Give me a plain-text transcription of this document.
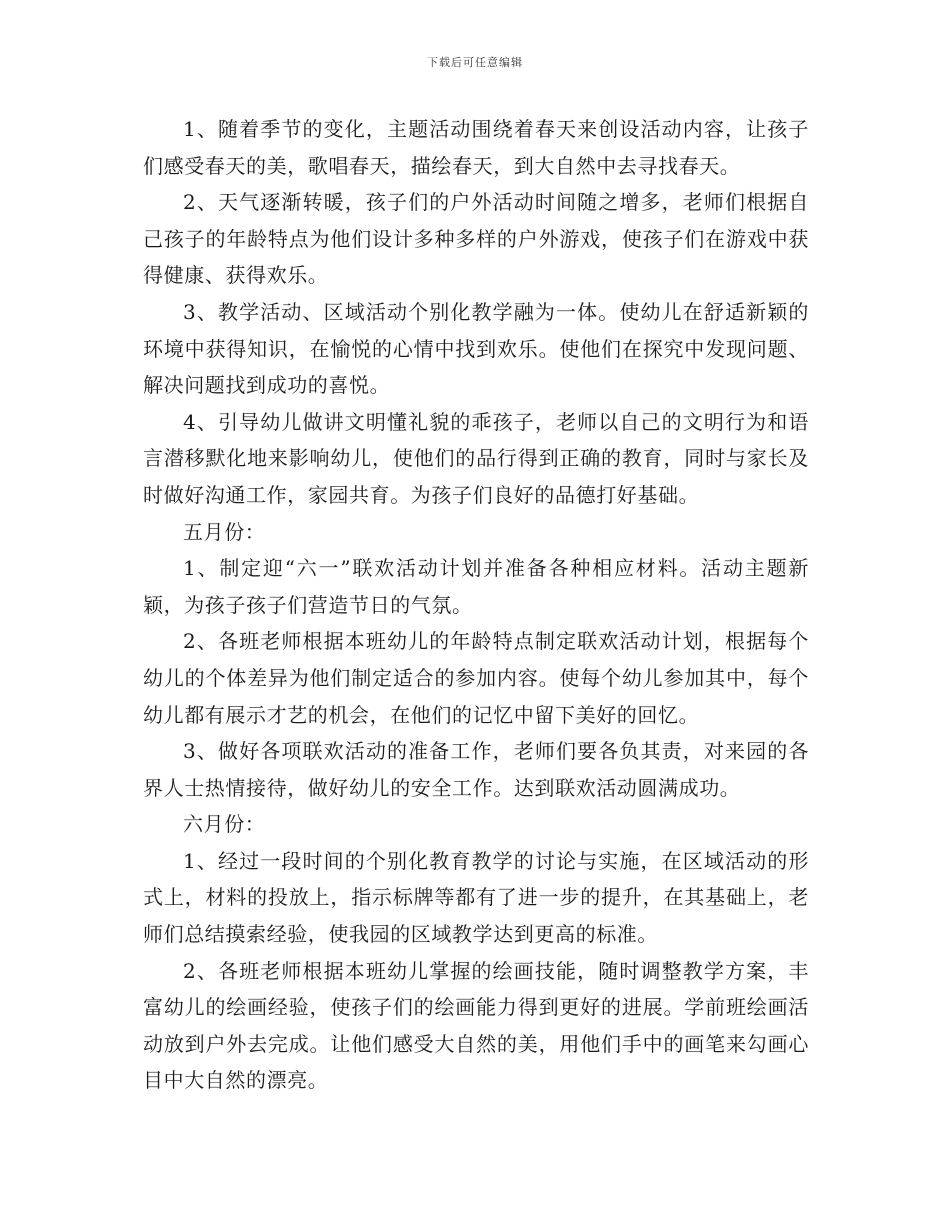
下载后可任意编辑

1、随着季节的变化，主题活动围绕着春天来创设活动内容，让孩子们感受春天的美，歌唱春天，描绘春天，到大自然中去寻找春天。

2、天气逐渐转暖，孩子们的户外活动时间随之增多，老师们根据自己孩子的年龄特点为他们设计多种多样的户外游戏，使孩子们在游戏中获得健康、获得欢乐。

3、教学活动、区域活动个别化教学融为一体。使幼儿在舒适新颖的环境中获得知识，在愉悦的心情中找到欢乐。使他们在探究中发现问题、解决问题找到成功的喜悦。

4、引导幼儿做讲文明懂礼貌的乖孩子，老师以自己的文明行为和语言潜移默化地来影响幼儿，使他们的品行得到正确的教育，同时与家长及时做好沟通工作，家园共育。为孩子们良好的品德打好基础。

五月份：

1、制定迎“六一”联欢活动计划并准备各种相应材料。活动主题新颖，为孩子孩子们营造节日的气氛。

2、各班老师根据本班幼儿的年龄特点制定联欢活动计划，根据每个幼儿的个体差异为他们制定适合的参加内容。使每个幼儿参加其中，每个幼儿都有展示才艺的机会，在他们的记忆中留下美好的回忆。

3、做好各项联欢活动的准备工作，老师们要各负其责，对来园的各界人士热情接待，做好幼儿的安全工作。达到联欢活动圆满成功。

六月份：

1、经过一段时间的个别化教育教学的讨论与实施，在区域活动的形式上，材料的投放上，指示标牌等都有了进一步的提升，在其基础上，老师们总结摸索经验，使我园的区域教学达到更高的标准。

2、各班老师根据本班幼儿掌握的绘画技能，随时调整教学方案，丰富幼儿的绘画经验，使孩子们的绘画能力得到更好的进展。学前班绘画活动放到户外去完成。让他们感受大自然的美，用他们手中的画笔来勾画心目中大自然的漂亮。
